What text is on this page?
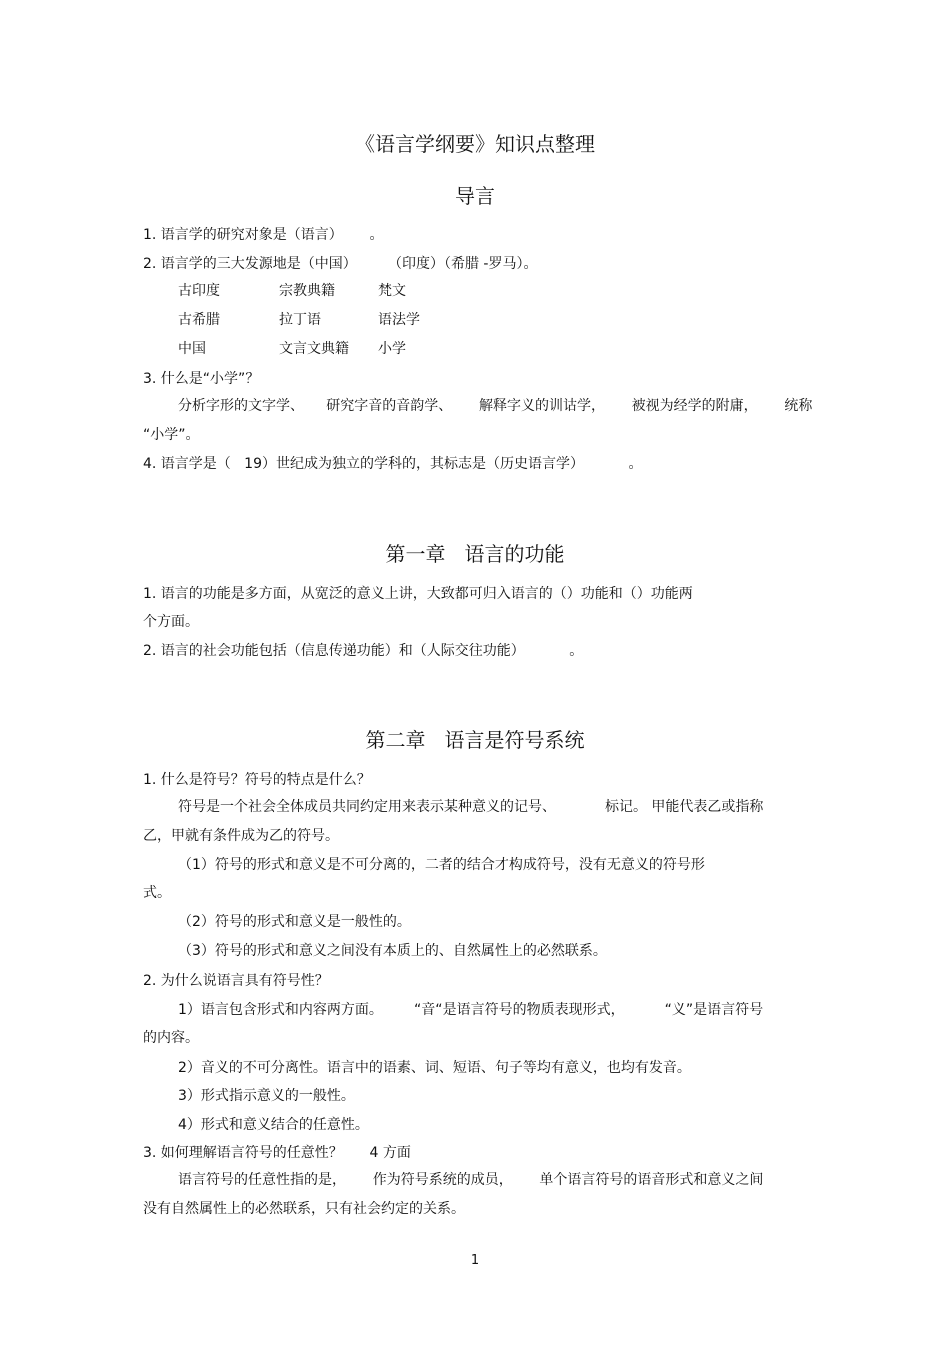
《语言学纲要》知识点整理
导言
1. 语言学的研究对象是（语言）      。
2. 语言学的三大发源地是（中国）       （印度）（希腊 -罗马）。
古印度	宗教典籍	梵文
古希腊	拉丁语	语法学
中国	文言文典籍 小学
3. 什么是“小学”？
分析字形的文字学、     研究字音的音韵学、      解释字义的训诂学，      被视为经学的附庸，      统称
“小学”。
4. 语言学是（   19）世纪成为独立的学科的，其标志是（历史语言学）          。
第一章   语言的功能
1. 语言的功能是多方面，从宽泛的意义上讲，大致都可归入语言的（）功能和（）功能两
个方面。
2. 语言的社会功能包括（信息传递功能）和（人际交往功能）          。
第二章   语言是符号系统
1. 什么是符号？符号的特点是什么？
符号是一个社会全体成员共同约定用来表示某种意义的记号、           标记。 甲能代表乙或指称
乙，甲就有条件成为乙的符号。
（1）符号的形式和意义是不可分离的，二者的结合才构成符号，没有无意义的符号形
式。
（2）符号的形式和意义是一般性的。
（3）符号的形式和意义之间没有本质上的、自然属性上的必然联系。
2. 为什么说语言具有符号性？
1）语言包含形式和内容两方面。       “音“是语言符号的物质表现形式，         “义”是语言符号
的内容。
2）音义的不可分离性。语言中的语素、词、短语、句子等均有意义，也均有发音。
3）形式指示意义的一般性。
4）形式和意义结合的任意性。
3. 如何理解语言符号的任意性？      4 方面
语言符号的任意性指的是，      作为符号系统的成员，      单个语言符号的语音形式和意义之间
没有自然属性上的必然联系，只有社会约定的关系。
1
